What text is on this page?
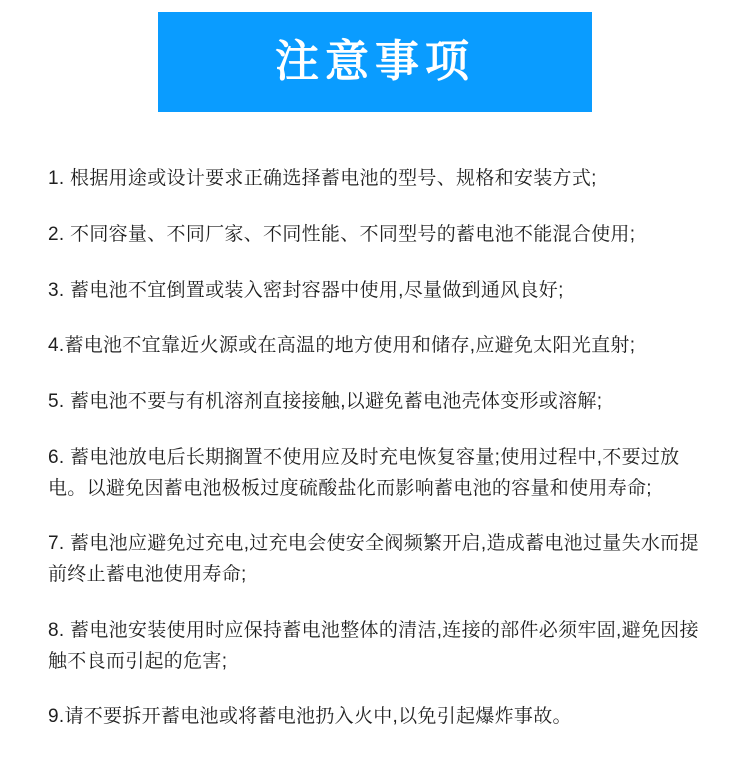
注意事项

1. 根据用途或设计要求正确选择蓄电池的型号、规格和安装方式;

2. 不同容量、不同厂家、不同性能、不同型号的蓄电池不能混合使用;

3. 蓄电池不宜倒置或装入密封容器中使用,尽量做到通风良好;

4.蓄电池不宜靠近火源或在高温的地方使用和储存,应避免太阳光直射;

5. 蓄电池不要与有机溶剂直接接触,以避免蓄电池壳体变形或溶解;

6. 蓄电池放电后长期搁置不使用应及时充电恢复容量;使用过程中,不要过放电。以避免因蓄电池极板过度硫酸盐化而影响蓄电池的容量和使用寿命;

7. 蓄电池应避免过充电,过充电会使安全阀频繁开启,造成蓄电池过量失水而提前终止蓄电池使用寿命;

8. 蓄电池安装使用时应保持蓄电池整体的清洁,连接的部件必须牢固,避免因接触不良而引起的危害;

9.请不要拆开蓄电池或将蓄电池扔入火中,以免引起爆炸事故。
